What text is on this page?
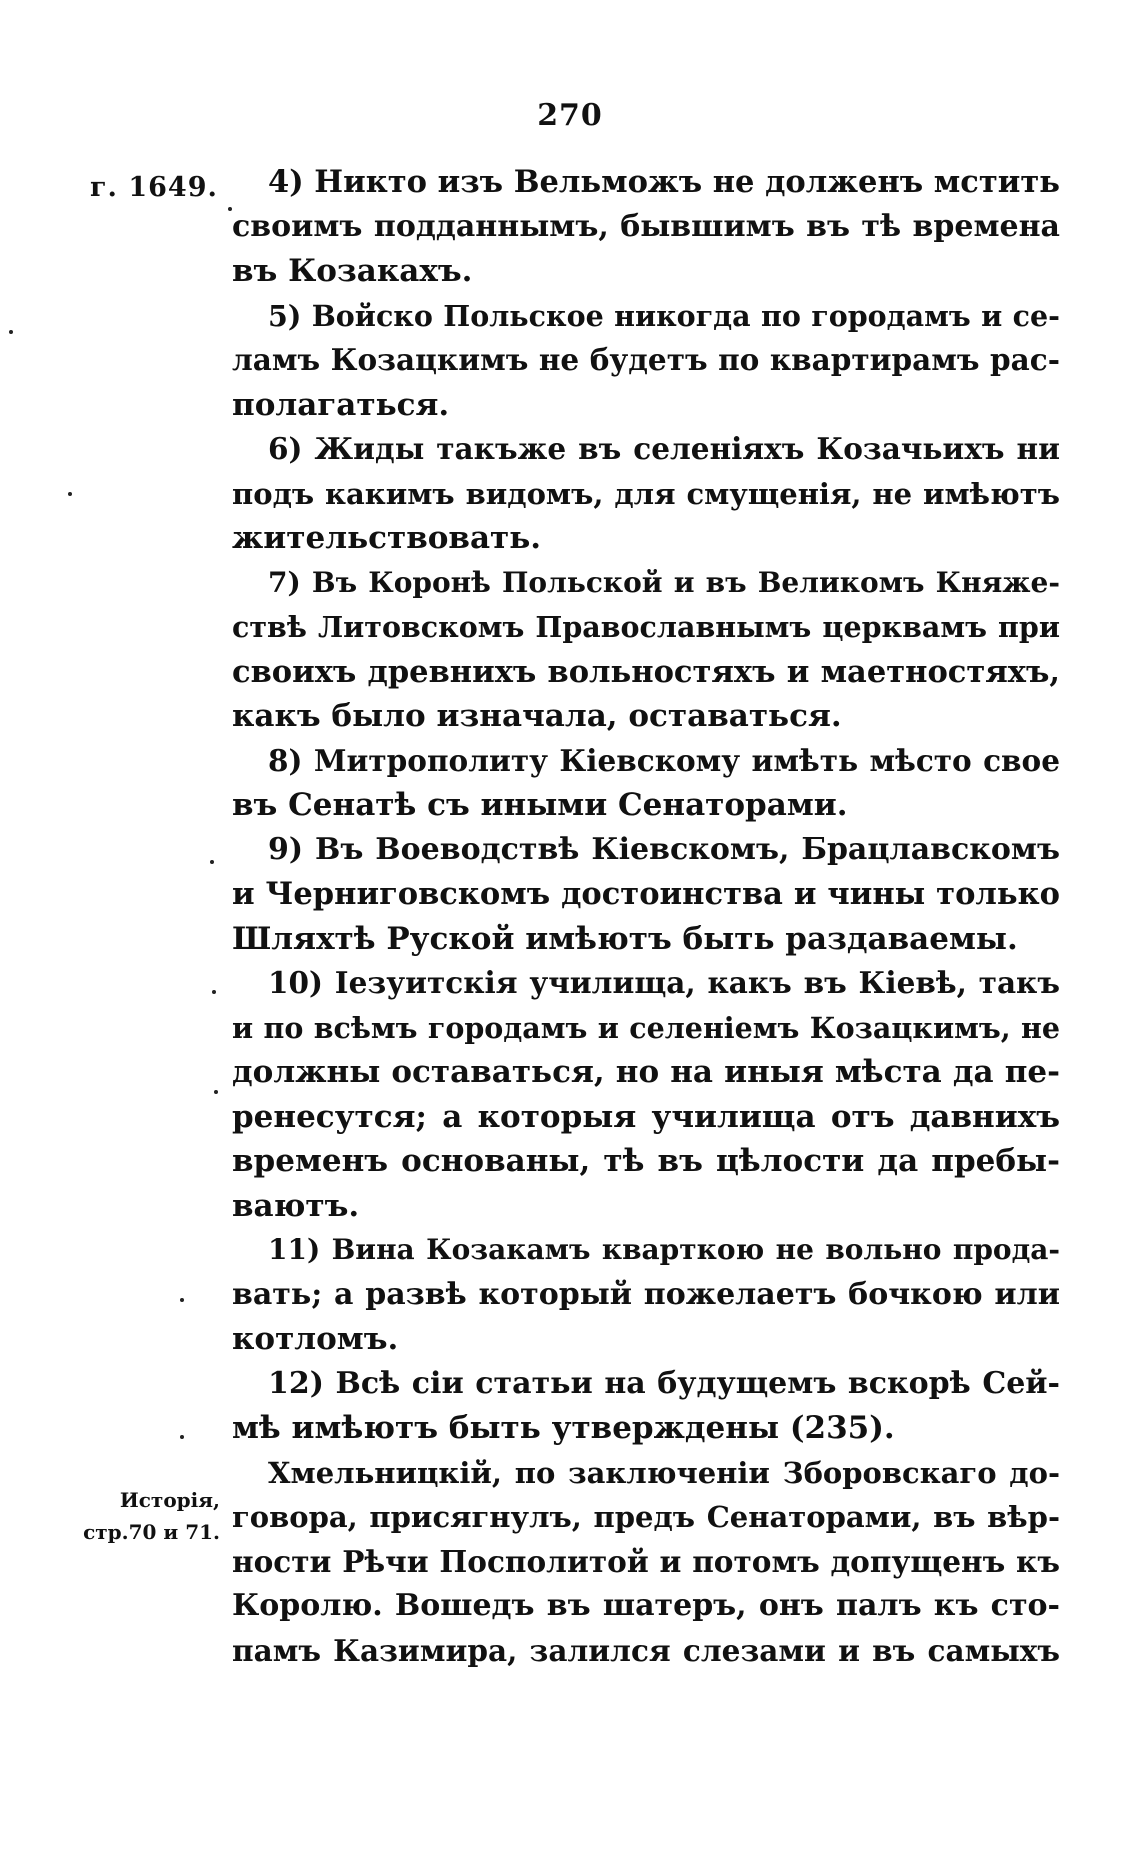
270
г. 1649.
Исторія,
стр.70 и 71.
4) Никто изъ Вельможъ не долженъ мстить
своимъ подданнымъ, бывшимъ въ тѣ времена
въ Козакахъ.
5) Войско Польское никогда по городамъ и се-
ламъ Козацкимъ не будетъ по квартирамъ рас-
полагаться.
6) Жиды такъже въ селеніяхъ Козачьихъ ни
подъ какимъ видомъ, для смущенія, не имѣютъ
жительствовать.
7) Въ Коронѣ Польской и въ Великомъ Княже-
ствѣ Литовскомъ Православнымъ церквамъ при
своихъ древнихъ вольностяхъ и маетностяхъ,
какъ было изначала, оставаться.
8) Митрополиту Кіевскому имѣть мѣсто свое
въ Сенатѣ съ иными Сенаторами.
9) Въ Воеводствѣ Кіевскомъ, Брацлавскомъ
и Черниговскомъ достоинства и чины только
Шляхтѣ Руской имѣютъ быть раздаваемы.
10) Іезуитскія училища, какъ въ Кіевѣ, такъ
и по всѣмъ городамъ и селеніемъ Козацкимъ, не
должны оставаться, но на иныя мѣста да пе-
ренесутся; а которыя училища отъ давнихъ
временъ основаны, тѣ въ цѣлости да пребы-
ваютъ.
11) Вина Козакамъ кварткою не вольно прода-
вать; а развѣ который пожелаетъ бочкою или
котломъ.
12) Всѣ сіи статьи на будущемъ вскорѣ Сей-
мѣ имѣютъ быть утверждены (235).
Хмельницкій, по заключеніи Зборовскаго до-
говора, присягнулъ, предъ Сенаторами, въ вѣр-
ности Рѣчи Посполитой и потомъ допущенъ къ
Королю. Вошедъ въ шатеръ, онъ палъ къ сто-
памъ Казимира, залился слезами и въ самыхъ
